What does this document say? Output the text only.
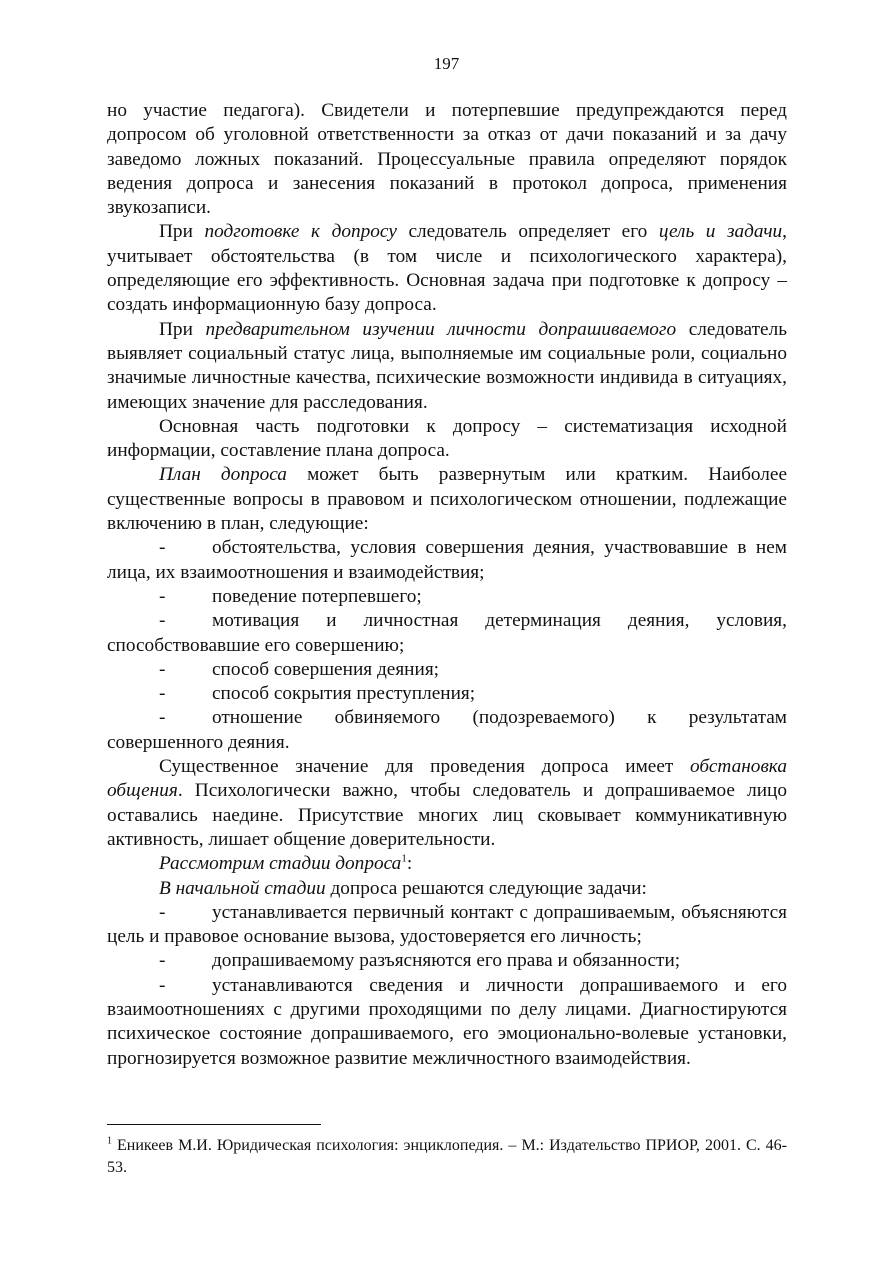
197

но участие педагога). Свидетели и потерпевшие предупреждаются перед допросом об уголовной ответственности за отказ от дачи показаний и за дачу заведомо ложных показаний. Процессуальные правила определяют порядок ведения допроса и занесения показаний в протокол допроса, применения звукозаписи.

При подготовке к допросу следователь определяет его цель и задачи, учитывает обстоятельства (в том числе и психологического характера), определяющие его эффективность. Основная задача при подготовке к допросу – создать информационную базу допроса.

При предварительном изучении личности допрашиваемого следователь выявляет социальный статус лица, выполняемые им социальные роли, социально значимые личностные качества, психические возможности индивида в ситуациях, имеющих значение для расследования.

Основная часть подготовки к допросу – систематизация исходной информации, составление плана допроса.

План допроса может быть развернутым или кратким. Наиболее существенные вопросы в правовом и психологическом отношении, подлежащие включению в план, следующие:

- обстоятельства, условия совершения деяния, участвовавшие в нем лица, их взаимоотношения и взаимодействия;

- поведение потерпевшего;

- мотивация и личностная детерминация деяния, условия, способствовавшие его совершению;

- способ совершения деяния;

- способ сокрытия преступления;

- отношение обвиняемого (подозреваемого) к результатам совершенного деяния.

Существенное значение для проведения допроса имеет обстановка общения. Психологически важно, чтобы следователь и допрашиваемое лицо оставались наедине. Присутствие многих лиц сковывает коммуникативную активность, лишает общение доверительности.

Рассмотрим стадии допроса$^1$:

В начальной стадии допроса решаются следующие задачи:

- устанавливается первичный контакт с допрашиваемым, объясняются цель и правовое основание вызова, удостоверяется его личность;

- допрашиваемому разъясняются его права и обязанности;

- устанавливаются сведения и личности допрашиваемого и его взаимоотношениях с другими проходящими по делу лицами. Диагностируются психическое состояние допрашиваемого, его эмоционально-волевые установки, прогнозируется возможное развитие межличностного взаимодействия.

$^1$ Еникеев М.И. Юридическая психология: энциклопедия. – М.: Издательство ПРИОР, 2001. С. 46-53.
